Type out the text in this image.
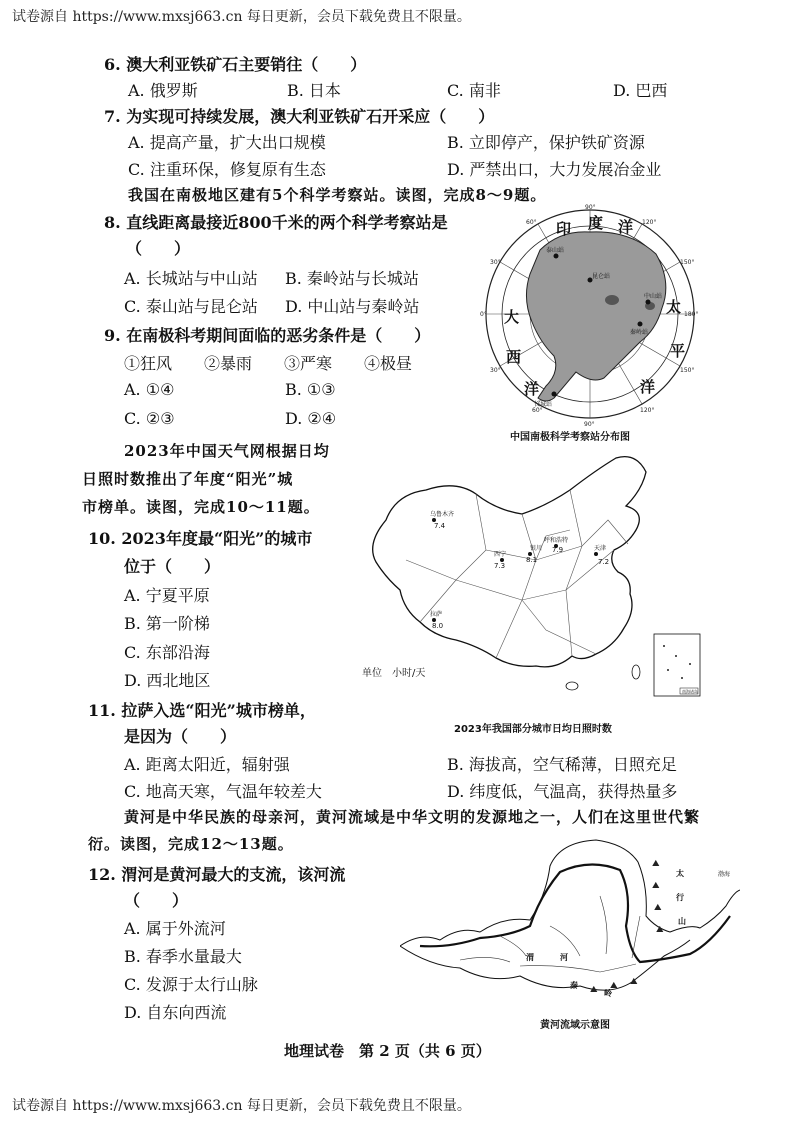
试卷源自 https://www.mxsj663.cn 每日更新，会员下载免费且不限量。
试卷源自 https://www.mxsj663.cn 每日更新，会员下载免费且不限量。
6. 澳大利亚铁矿石主要销往（　　）
A. 俄罗斯	B. 日本	C. 南非	D. 巴西
7. 为实现可持续发展，澳大利亚铁矿石开采应（　　）
A. 提高产量，扩大出口规模	B. 立即停产，保护铁矿资源
C. 注重环保，修复原有生态	D. 严禁出口，大力发展冶金业
我国在南极地区建有5个科学考察站。读图，完成8～9题。
8. 直线距离最接近800千米的两个科学考察站是
（　　）
A. 长城站与中山站 B. 秦岭站与长城站
C. 泰山站与昆仑站 D. 中山站与秦岭站
9. 在南极科考期间面临的恶劣条件是（　　）
①狂风　　②暴雨　　③严寒　　④极昼
A. ①④	B. ①③
C. ②③	D. ②④
印 度 洋
大
西
洋
太
平
洋
泰山站
昆仑站
中山站
秦岭站
长城站
90°
60°	120°
30°	150°
0°	180°
30°	150°
60°	120°
90°
中国南极科学考察站分布图
2023年中国天气网根据日均
日照时数推出了年度“阳光”城
市榜单。读图，完成10～11题。
10. 2023年度最“阳光”的城市
位于（　　）
A. 宁夏平原
B. 第一阶梯
C. 东部沿海
D. 西北地区
乌鲁木齐
7.4
呼和浩特
7.9
银川
8.1
西宁
7.3
拉萨
8.0
天津
7.2
南海诸岛
单位　小时/天
2023年我国部分城市日均日照时数
11. 拉萨入选“阳光”城市榜单，
是因为（　　）
A. 距离太阳近，辐射强	B. 海拔高，空气稀薄，日照充足
C. 地高天寒，气温年较差大	D. 纬度低，气温高，获得热量多
黄河是中华民族的母亲河，黄河流域是中华文明的发源地之一，人们在这里世代繁
衍。读图，完成12～13题。
12. 渭河是黄河最大的支流，该河流
（　　）
A. 属于外流河
B. 春季水量最大
C. 发源于太行山脉
D. 自东向西流
⛰
⛰
⛰
⛰
⛰
⛰
⛰
太
行
山
渭	河
秦
岭
渤海
黄河流域示意图
地理试卷　第 2 页（共 6 页）
